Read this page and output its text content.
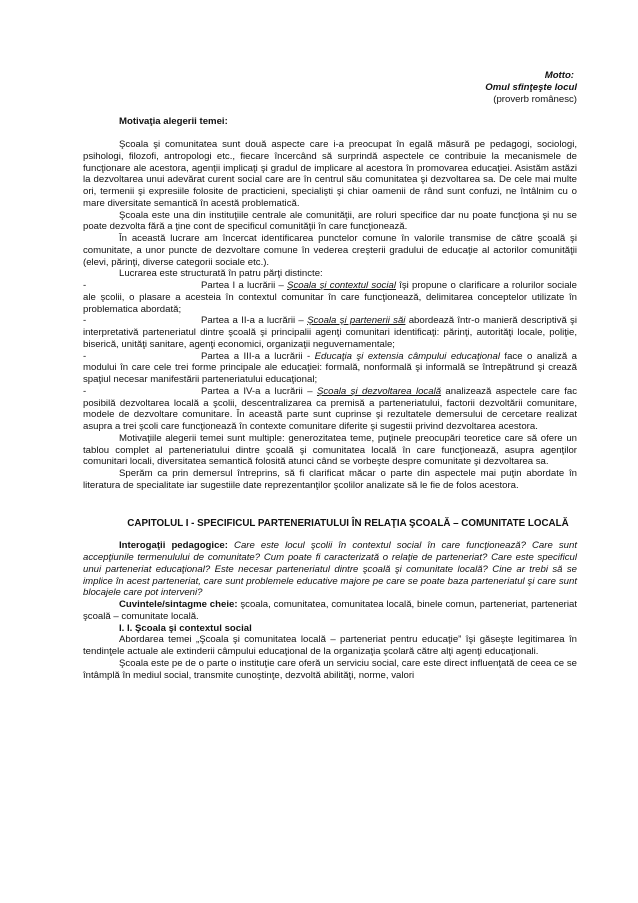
Motto:
Omul sfinţeşte locul
(proverb românesc)

Motivaţia alegerii temei:

Şcoala şi comunitatea sunt două aspecte care i-a preocupat în egală măsură pe pedagogi, sociologi, psihologi, filozofi, antropologi etc., fiecare încercând să surprindă aspectele ce contribuie la mecanismele de funcţionare ale acestora, agenţii implicaţi şi gradul de implicare al acestora în promovarea educaţiei. Asistăm astăzi la dezvoltarea unui adevărat curent social care are în centrul său comunitatea şi dezvoltarea sa. De cele mai multe ori, termenii şi expresiile folosite de practicieni, specialişti şi chiar oamenii de rând sunt confuzi, ne întâlnim cu o mare diversitate semantică în acestă problematică.

Şcoala este una din instituţiile centrale ale comunităţii, are roluri specifice dar nu poate funcţiona şi nu se poate dezvolta fără a ţine cont de specificul comunităţii în care funcţionează.

În această lucrare am încercat identificarea punctelor comune în valorile transmise de către şcoală şi comunitate, a unor puncte de dezvoltare comune în vederea creşterii gradului de educaţie al actorilor comunităţii (elevi, părinţi, diverse categorii sociale etc.).

Lucrarea este structurată în patru părţi distincte:

-	Partea I a lucrării – Şcoala şi contextul social îşi propune o clarificare a rolurilor sociale ale şcolii, o plasare a acesteia în contextul comunitar în care funcţionează, delimitarea conceptelor utilizate în problematica abordată;

-	Partea a II-a a lucrării – Şcoala şi partenerii săi abordează într-o manieră descriptivă şi interpretativă parteneriatul dintre şcoală şi principalii agenţi comunitari identificaţi: părinţi, autorităţi locale, poliţie, biserică, unităţi sanitare, agenţi economici, organizaţii neguvernamentale;

-	Partea a III-a a lucrării - Educaţia şi extensia câmpului educaţional face o analiză a modului în care cele trei forme principale ale educaţiei: formală, nonformală şi informală se întrepătrund şi crează spaţiul necesar manifestării parteneriatului educaţional;

-	Partea a IV-a a lucrării – Şcoala şi dezvoltarea locală analizează aspectele care fac posibilă dezvoltarea locală a şcolii, descentralizarea ca premisă a parteneriatului, factorii dezvoltării comunitare, modele de dezvoltare comunitare. În această parte sunt cuprinse şi rezultatele demersului de cercetare realizat asupra a trei şcoli care funcţionează în contexte comunitare diferite şi sugestii privind dezvoltarea acestora.

Motivaţiile alegerii temei sunt multiple: generozitatea teme, puţinele preocupări teoretice care să ofere un tablou complet al parteneriatului dintre şcoală şi comunitatea locală în care funcţionează, asupra agenţilor comunitari locali, diversitatea semantică folosită atunci când se vorbeşte despre comunitate şi dezvoltarea sa.

Sperăm ca prin demersul întreprins, să fi clarificat măcar o parte din aspectele mai puţin abordate în literatura de specialitate iar sugestiile date reprezentanţilor şcolilor analizate să le fie de folos acestora.

CAPITOLUL I - SPECIFICUL PARTENERIATULUI ÎN RELAŢIA ŞCOALĂ – COMUNITATE LOCALĂ

Interogaţii pedagogice: Care este locul şcolii în contextul social în care funcţionează? Care sunt accepţiunile termenulului de comunitate? Cum poate fi caracterizată o relaţie de parteneriat? Care este specificul unui parteneriat educaţional? Este necesar parteneriatul dintre şcoală şi comunitate locală? Cine ar trebi să se implice în acest parteneriat, care sunt problemele educative majore pe care se poate baza parteneriatul şi care sunt blocajele care pot interveni?

Cuvintele/sintagme cheie: şcoala, comunitatea, comunitatea locală, binele comun, parteneriat, parteneriat şcoală – comunitate locală.

I. I. Şcoala şi contextul social

Abordarea temei „Şcoala şi comunitatea locală – parteneriat pentru educaţie” îşi găseşte legitimarea în tendinţele actuale ale extinderii câmpului educaţional de la organizaţia şcolară către alţi agenţi educaţionali.

Şcoala este pe de o parte o instituţie care oferă un serviciu social, care este direct influenţată de ceea ce se întâmplă în mediul social, transmite cunoştinţe, dezvoltă abilităţi, norme, valori
